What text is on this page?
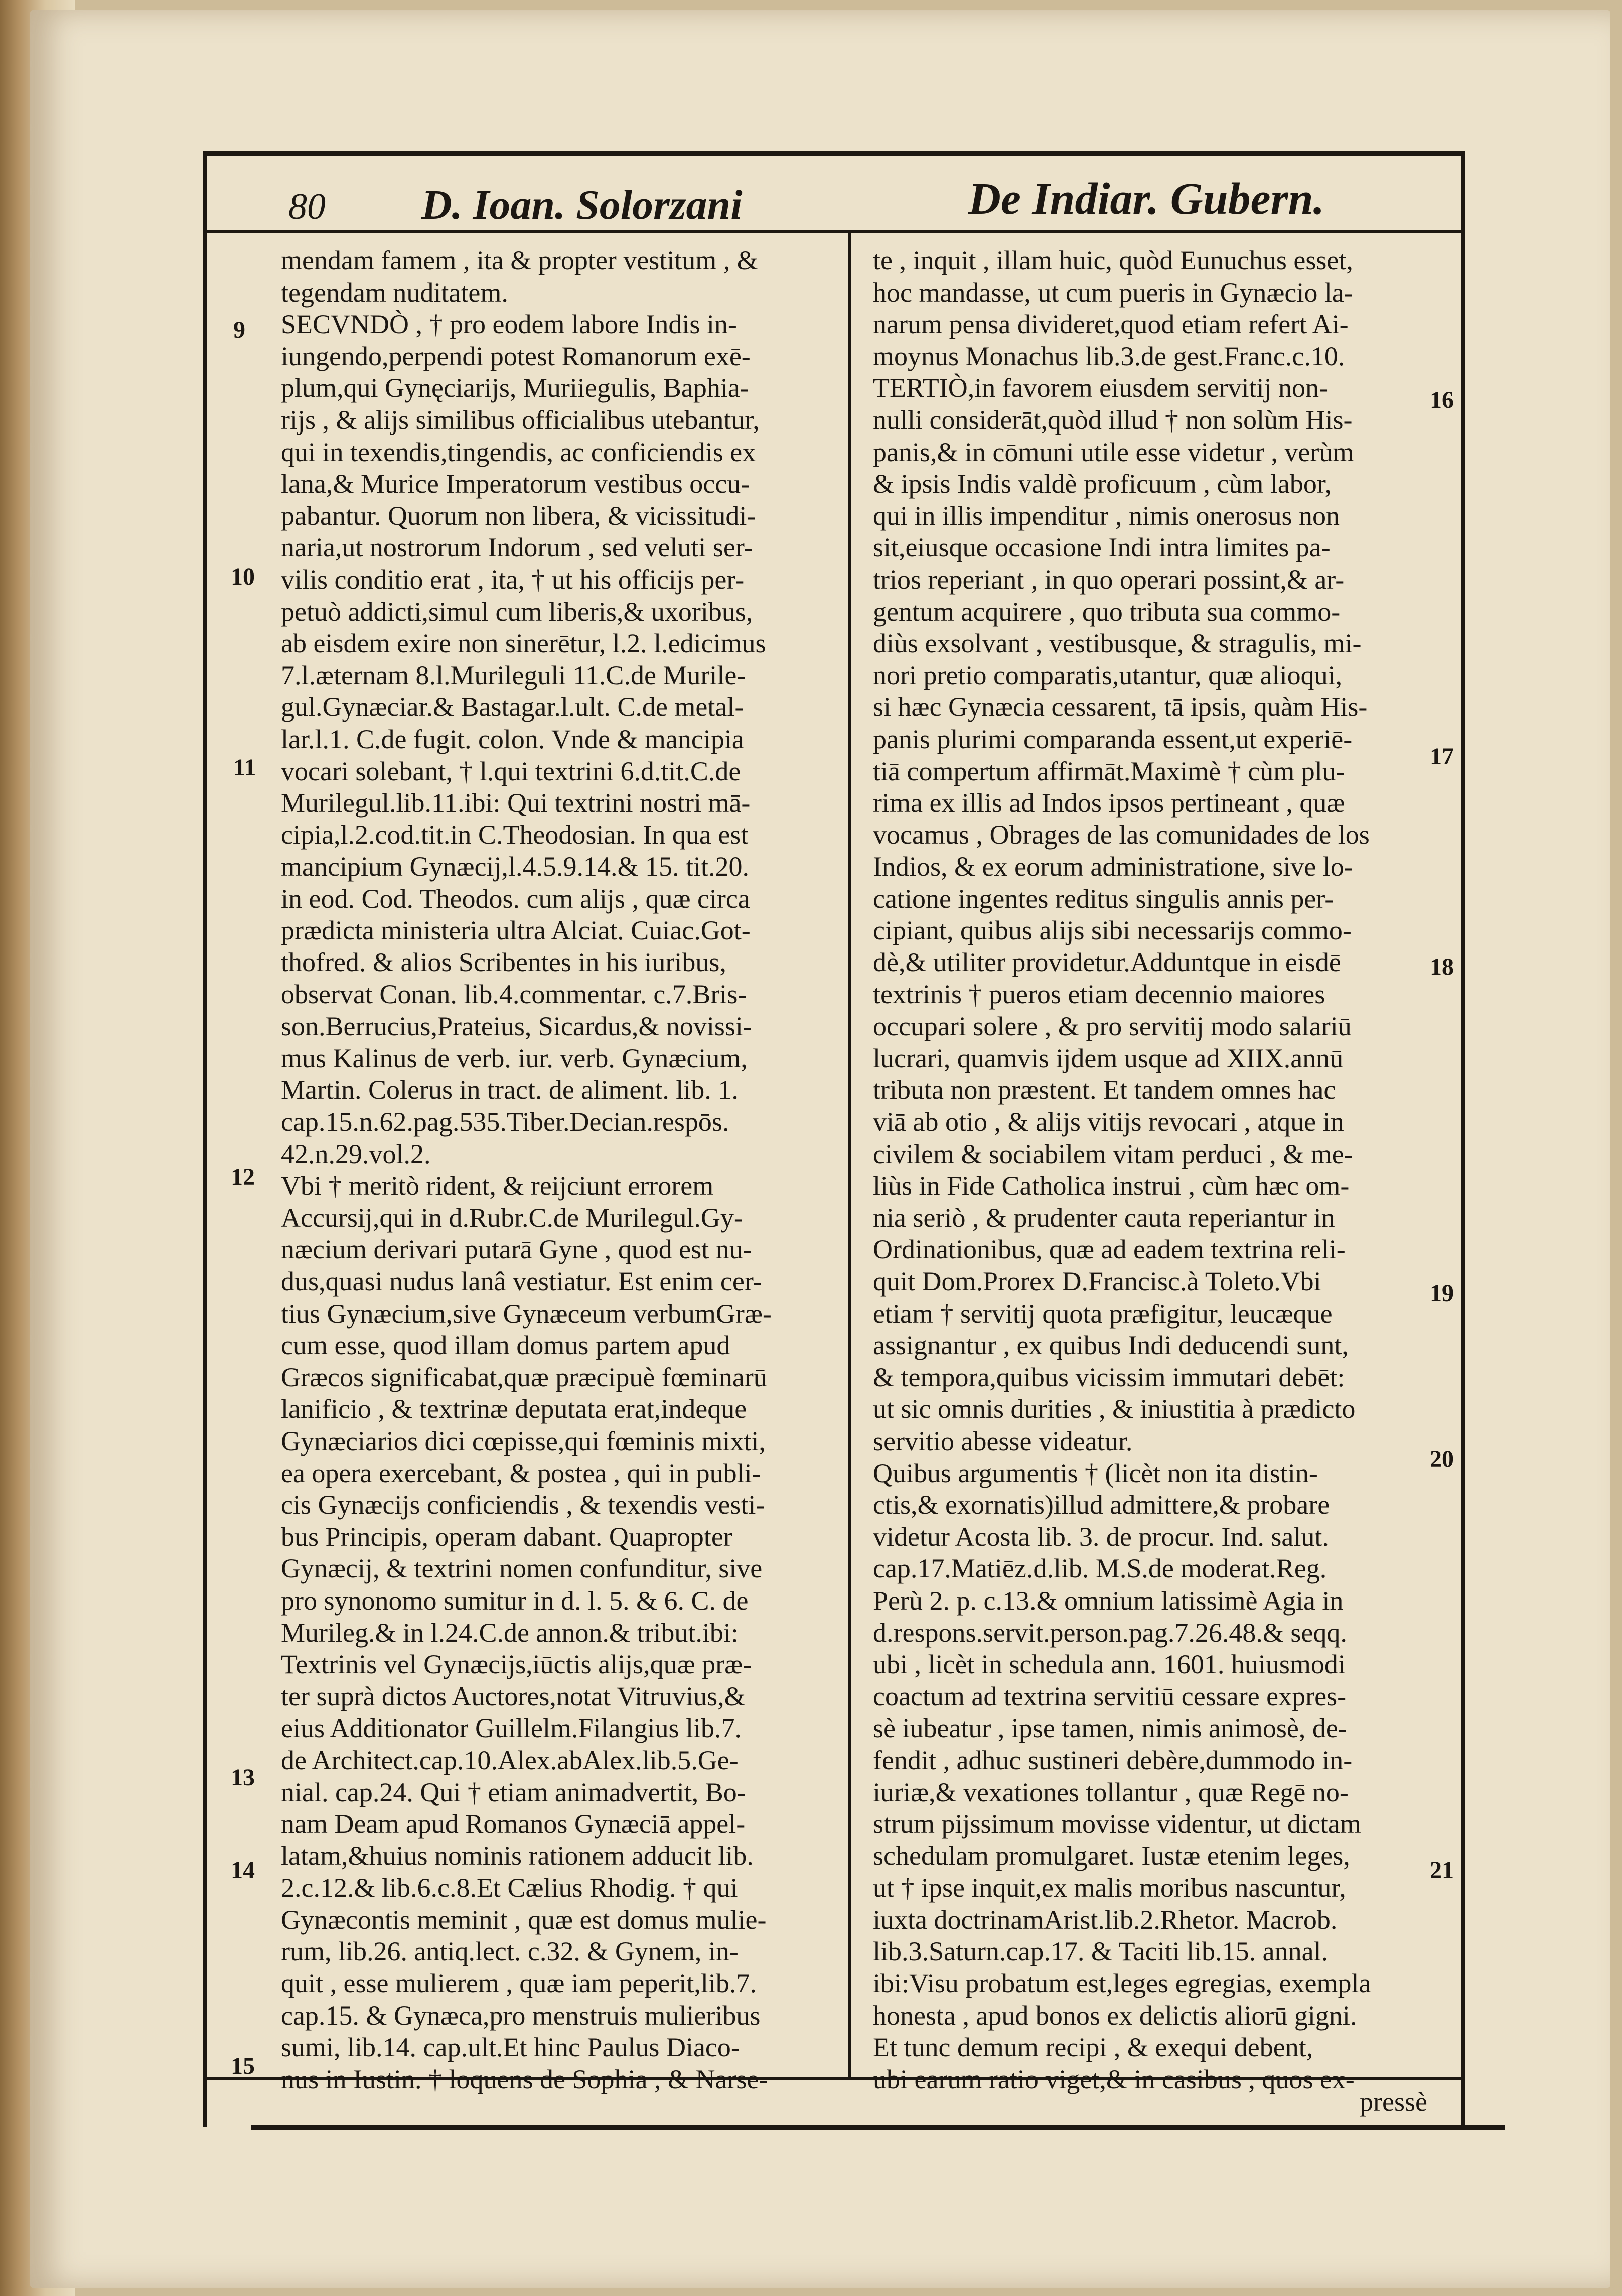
80 D. Ioan. Solorzani	De Indiar. Gubern.
mendam famem , ita & propter vestitum , &
tegendam nuditatem.
SECVNDÒ , † pro eodem labore Indis in-
iungendo,perpendi potest Romanorum exē-
plum,qui Gynęciarijs, Muriiegulis, Baphia-
rijs , & alijs similibus officialibus utebantur,
qui in texendis,tingendis, ac conficiendis ex
lana,& Murice Imperatorum vestibus occu-
pabantur. Quorum non libera, & vicissitudi-
naria,ut nostrorum Indorum , sed veluti ser-
vilis conditio erat , ita, † ut his officijs per-
petuò addicti,simul cum liberis,& uxoribus,
ab eisdem exire non sinerētur, l.2. l.edicimus
7.l.æternam 8.l.Murileguli 11.C.de Murile-
gul.Gynæciar.& Bastagar.l.ult. C.de metal-
lar.l.1. C.de fugit. colon. Vnde & mancipia
vocari solebant, † l.qui textrini 6.d.tit.C.de
Murilegul.lib.11.ibi: Qui textrini nostri mā-
cipia,l.2.cod.tit.in C.Theodosian. In qua est
mancipium Gynæcij,l.4.5.9.14.& 15. tit.20.
in eod. Cod. Theodos. cum alijs , quæ circa
prædicta ministeria ultra Alciat. Cuiac.Got-
thofred. & alios Scribentes in his iuribus,
observat Conan. lib.4.commentar. c.7.Bris-
son.Berrucius,Prateius, Sicardus,& novissi-
mus Kalinus de verb. iur. verb. Gynæcium,
Martin. Colerus in tract. de aliment. lib. 1.
cap.15.n.62.pag.535.Tiber.Decian.respōs.
42.n.29.vol.2.
Vbi † meritò rident, & reijciunt errorem
Accursij,qui in d.Rubr.C.de Murilegul.Gy-
næcium derivari putarā Gyne , quod est nu-
dus,quasi nudus lanâ vestiatur. Est enim cer-
tius Gynæcium,sive Gynæceum verbumGræ-
cum esse, quod illam domus partem apud
Græcos significabat,quæ præcipuè fœminarū
lanificio , & textrinæ deputata erat,indeque
Gynæciarios dici cœpisse,qui fœminis mixti,
ea opera exercebant, & postea , qui in publi-
cis Gynæcijs conficiendis , & texendis vesti-
bus Principis, operam dabant. Quapropter
Gynæcij, & textrini nomen confunditur, sive
pro synonomo sumitur in d. l. 5. & 6. C. de
Murileg.& in l.24.C.de annon.& tribut.ibi:
Textrinis vel Gynæcijs,iūctis alijs,quæ præ-
ter suprà dictos Auctores,notat Vitruvius,&
eius Additionator Guillelm.Filangius lib.7.
de Architect.cap.10.Alex.abAlex.lib.5.Ge-
nial. cap.24. Qui † etiam animadvertit, Bo-
nam Deam apud Romanos Gynæciā appel-
latam,&huius nominis rationem adducit lib.
2.c.12.& lib.6.c.8.Et Cælius Rhodig. † qui
Gynæcontis meminit , quæ est domus mulie-
rum, lib.26. antiq.lect. c.32. & Gynem, in-
quit , esse mulierem , quæ iam peperit,lib.7.
cap.15. & Gynæca,pro menstruis mulieribus
sumi, lib.14. cap.ult.Et hinc Paulus Diaco-
nus in Iustin. † loquens de Sophia , & Narse-
te , inquit , illam huic, quòd Eunuchus esset,
hoc mandasse, ut cum pueris in Gynæcio la-
narum pensa divideret,quod etiam refert Ai-
moynus Monachus lib.3.de gest.Franc.c.10.
TERTIÒ,in favorem eiusdem servitij non-
nulli considerāt,quòd illud † non solùm His-
panis,& in cōmuni utile esse videtur , verùm
& ipsis Indis valdè proficuum , cùm labor,
qui in illis impenditur , nimis onerosus non
sit,eiusque occasione Indi intra limites pa-
trios reperiant , in quo operari possint,& ar-
gentum acquirere , quo tributa sua commo-
diùs exsolvant , vestibusque, & stragulis, mi-
nori pretio comparatis,utantur, quæ alioqui,
si hæc Gynæcia cessarent, tā ipsis, quàm His-
panis plurimi comparanda essent,ut experiē-
tiā compertum affirmāt.Maximè † cùm plu-
rima ex illis ad Indos ipsos pertineant , quæ
vocamus , Obrages de las comunidades de los
Indios, & ex eorum administratione, sive lo-
catione ingentes reditus singulis annis per-
cipiant, quibus alijs sibi necessarijs commo-
dè,& utiliter providetur.Adduntque in eisdē
textrinis † pueros etiam decennio maiores
occupari solere , & pro servitij modo salariū
lucrari, quamvis ijdem usque ad XIIX.annū
tributa non præstent. Et tandem omnes hac
viā ab otio , & alijs vitijs revocari , atque in
civilem & sociabilem vitam perduci , & me-
liùs in Fide Catholica instrui , cùm hæc om-
nia seriò , & prudenter cauta reperiantur in
Ordinationibus, quæ ad eadem textrina reli-
quit Dom.Prorex D.Francisc.à Toleto.Vbi
etiam † servitij quota præfigitur, leucæque
assignantur , ex quibus Indi deducendi sunt,
& tempora,quibus vicissim immutari debēt:
ut sic omnis durities , & iniustitia à prædicto
servitio abesse videatur.
Quibus argumentis † (licèt non ita distin-
ctis,& exornatis)illud admittere,& probare
videtur Acosta lib. 3. de procur. Ind. salut.
cap.17.Matiēz.d.lib. M.S.de moderat.Reg.
Perù 2. p. c.13.& omnium latissimè Agia in
d.respons.servit.person.pag.7.26.48.& seqq.
ubi , licèt in schedula ann. 1601. huiusmodi
coactum ad textrina servitiū cessare expres-
sè iubeatur , ipse tamen, nimis animosè, de-
fendit , adhuc sustineri debère,dummodo in-
iuriæ,& vexationes tollantur , quæ Regē no-
strum pijssimum movisse videntur, ut dictam
schedulam promulgaret. Iustæ etenim leges,
ut † ipse inquit,ex malis moribus nascuntur,
iuxta doctrinamArist.lib.2.Rhetor. Macrob.
lib.3.Saturn.cap.17. & Taciti lib.15. annal.
ibi:Visu probatum est,leges egregias, exempla
honesta , apud bonos ex delictis aliorū gigni.
Et tunc demum recipi , & exequi debent,
ubi earum ratio viget,& in casibus , quos ex-
9
10
11
12
13
14
15
16
17
18
19
20
21
pressè
